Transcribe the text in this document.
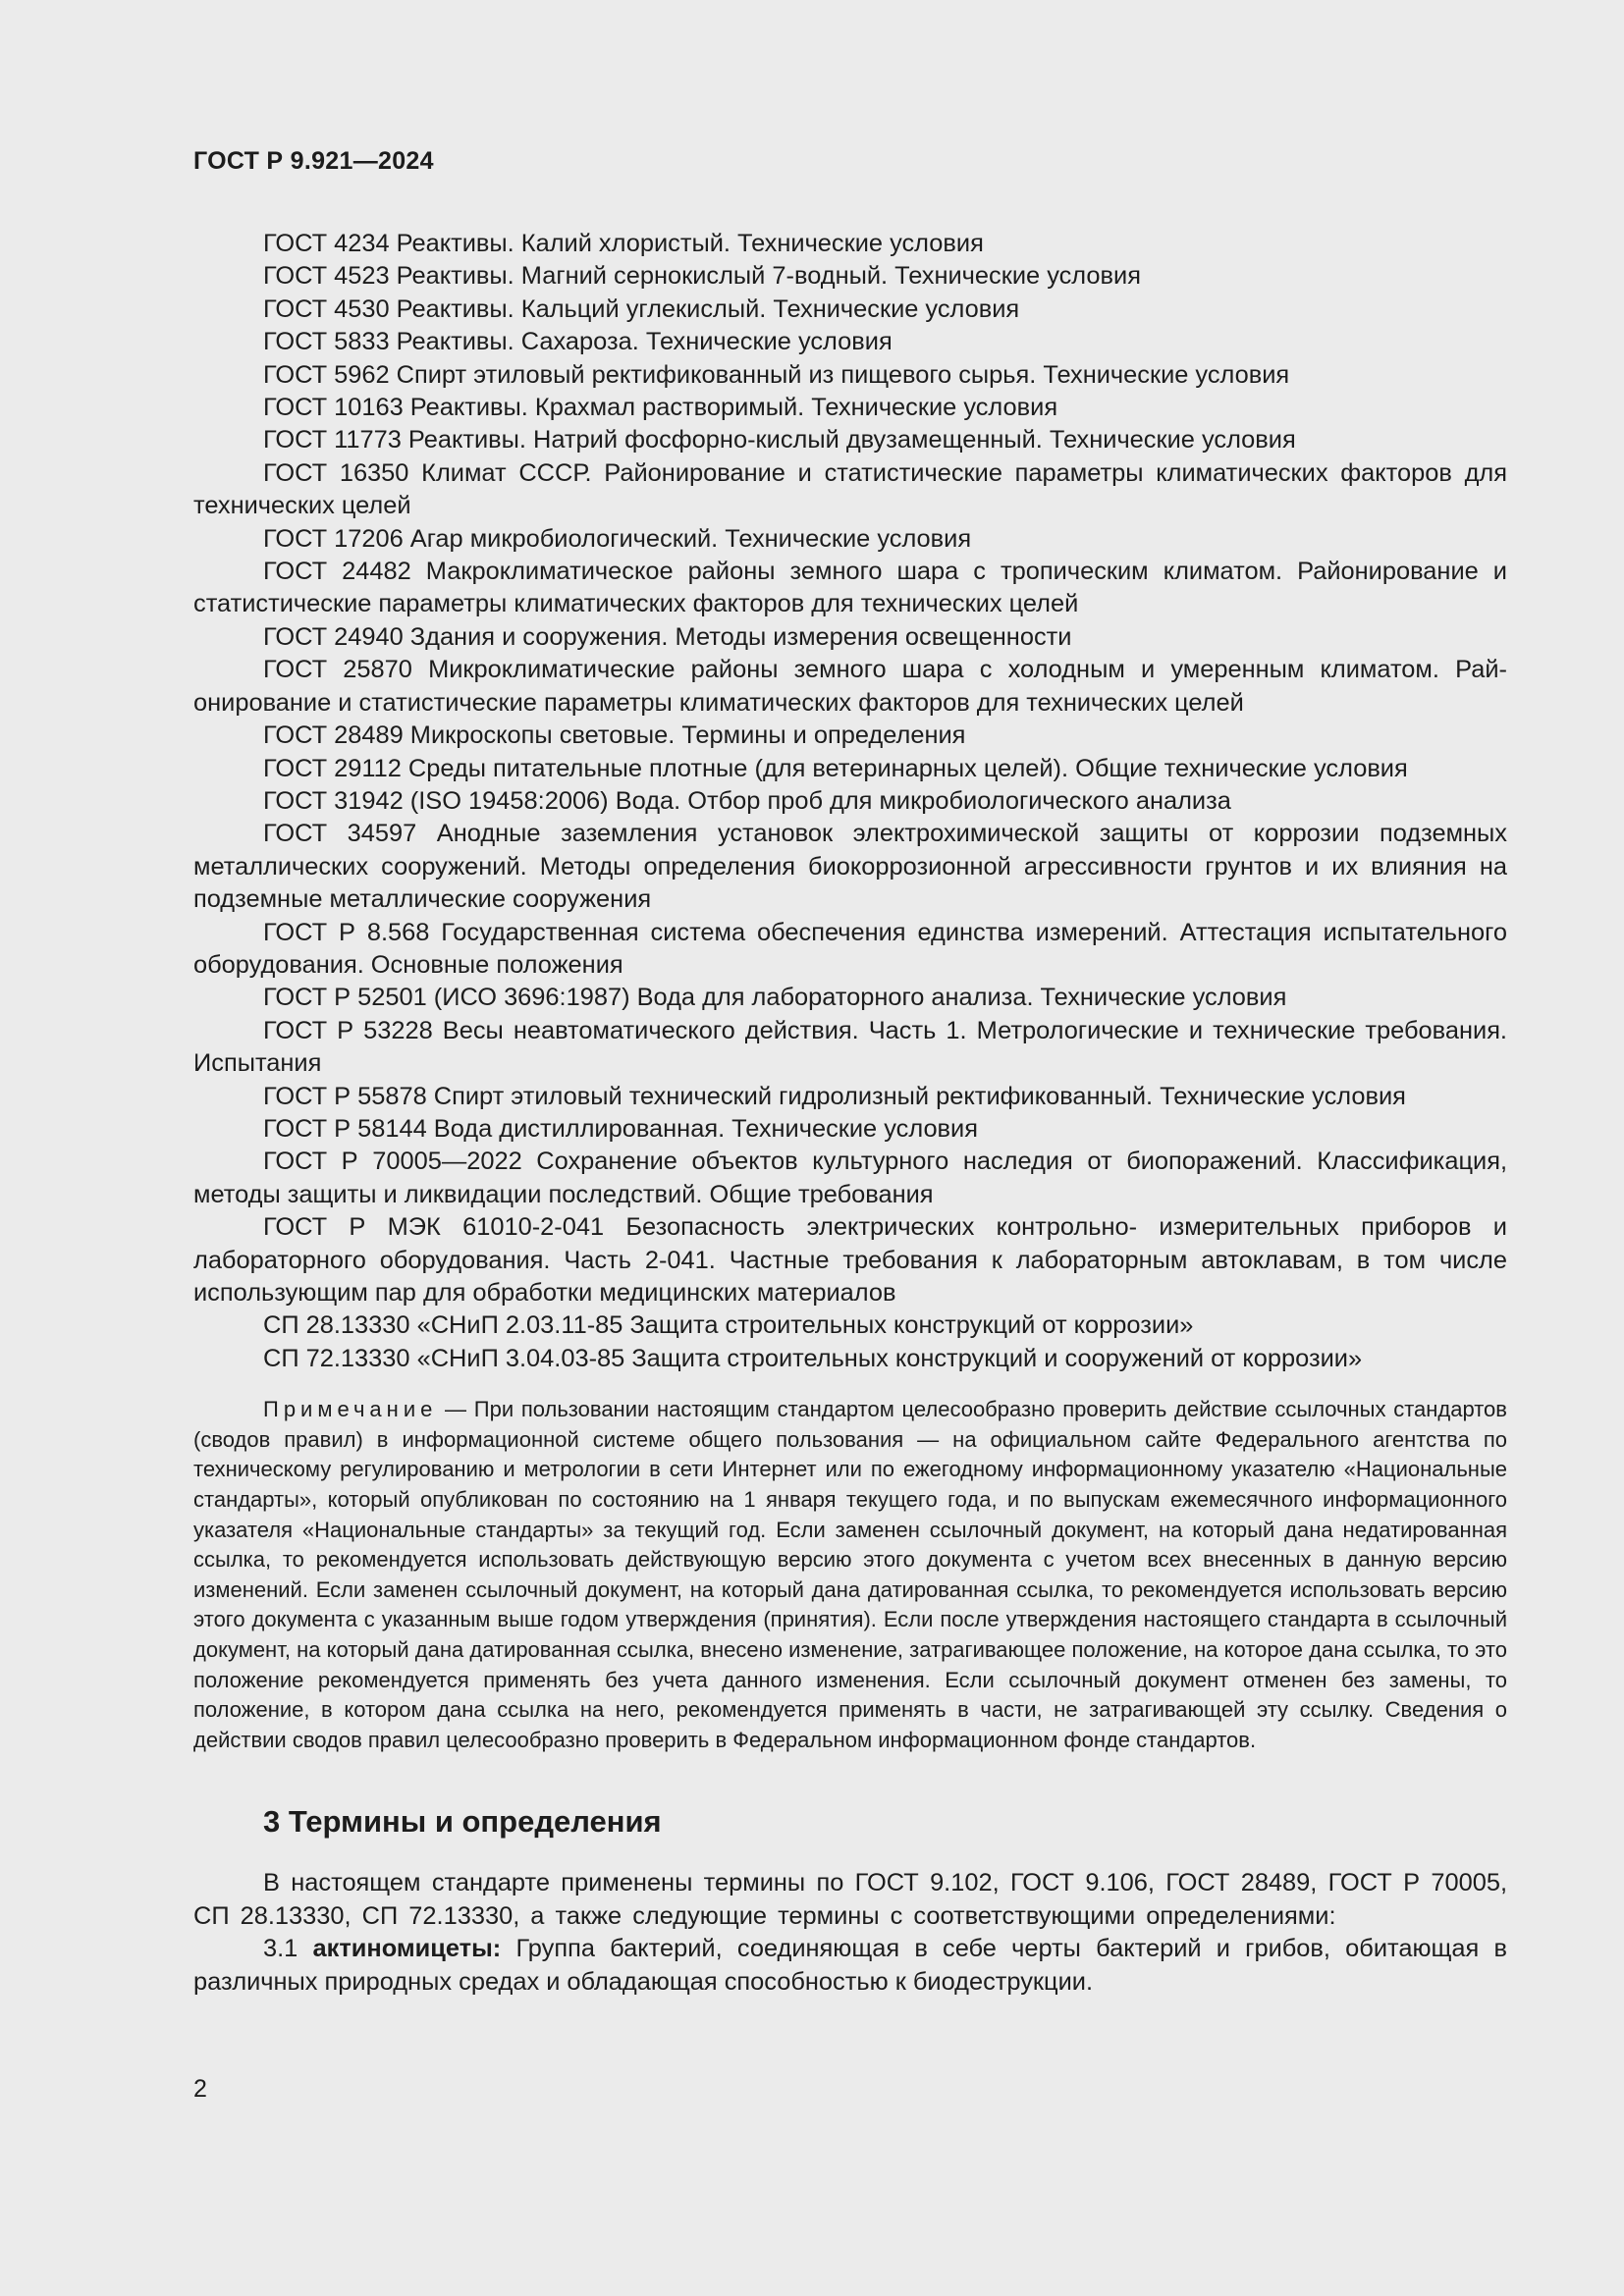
ГОСТ Р 9.921—2024

ГОСТ 4234 Реактивы. Калий хлористый. Технические условия

ГОСТ 4523 Реактивы. Магний сернокислый 7-водный. Технические условия

ГОСТ 4530 Реактивы. Кальций углекислый. Технические условия

ГОСТ 5833 Реактивы. Сахароза. Технические условия

ГОСТ 5962 Спирт этиловый ректификованный из пищевого сырья. Технические условия

ГОСТ 10163 Реактивы. Крахмал растворимый. Технические условия

ГОСТ 11773 Реактивы. Натрий фосфорно-кислый двузамещенный. Технические условия

ГОСТ 16350 Климат СССР. Районирование и статистические параметры климатических факторов для технических целей

ГОСТ 17206 Агар микробиологический. Технические условия

ГОСТ 24482 Макроклиматическое районы земного шара с тропическим климатом. Районирование и статистические параметры климатических факторов для технических целей

ГОСТ 24940 Здания и сооружения. Методы измерения освещенности

ГОСТ 25870 Микроклиматические районы земного шара с холодным и умеренным климатом. Районирование и статистические параметры климатических факторов для технических целей

ГОСТ 28489 Микроскопы световые. Термины и определения

ГОСТ 29112 Среды питательные плотные (для ветеринарных целей). Общие технические условия

ГОСТ 31942 (ISO 19458:2006) Вода. Отбор проб для микробиологического анализа

ГОСТ 34597 Анодные заземления установок электрохимической защиты от коррозии подземных металлических сооружений. Методы определения биокоррозионной агрессивности грунтов и их влияния на подземные металлические сооружения

ГОСТ Р 8.568 Государственная система обеспечения единства измерений. Аттестация испытательного оборудования. Основные положения

ГОСТ Р 52501 (ИСО 3696:1987) Вода для лабораторного анализа. Технические условия

ГОСТ Р 53228 Весы неавтоматического действия. Часть 1. Метрологические и технические требования. Испытания

ГОСТ Р 55878 Спирт этиловый технический гидролизный ректификованный. Технические условия

ГОСТ Р 58144 Вода дистиллированная. Технические условия

ГОСТ Р 70005—2022 Сохранение объектов культурного наследия от биопоражений. Классификация, методы защиты и ликвидации последствий. Общие требования

ГОСТ Р МЭК 61010-2-041 Безопасность электрических контрольно- измерительных приборов и лабораторного оборудования. Часть 2-041. Частные требования к лабораторным автоклавам, в том числе использующим пар для обработки медицинских материалов

СП 28.13330 «СНиП 2.03.11-85 Защита строительных конструкций от коррозии»

СП 72.13330 «СНиП 3.04.03-85 Защита строительных конструкций и сооружений от коррозии»

Примечание — При пользовании настоящим стандартом целесообразно проверить действие ссылочных стандартов (сводов правил) в информационной системе общего пользования — на официальном сайте Федерального агентства по техническому регулированию и метрологии в сети Интернет или по ежегодному информационному указателю «Национальные стандарты», который опубликован по состоянию на 1 января текущего года, и по выпускам ежемесячного информационного указателя «Национальные стандарты» за текущий год. Если заменен ссылочный документ, на который дана недатированная ссылка, то рекомендуется использовать действующую версию этого документа с учетом всех внесенных в данную версию изменений. Если заменен ссылочный документ, на который дана датированная ссылка, то рекомендуется использовать версию этого документа с указанным выше годом утверждения (принятия). Если после утверждения настоящего стандарта в ссылочный документ, на который дана датированная ссылка, внесено изменение, затрагивающее положение, на которое дана ссылка, то это положение рекомендуется применять без учета данного изменения. Если ссылочный документ отменен без замены, то положение, в котором дана ссылка на него, рекомендуется применять в части, не затрагивающей эту ссылку. Сведения о действии сводов правил целесообразно проверить в Федеральном информационном фонде стандартов.

3 Термины и определения

В настоящем стандарте применены термины по ГОСТ 9.102, ГОСТ 9.106, ГОСТ 28489, ГОСТ Р 70005, СП 28.13330, СП 72.13330, а также следующие термины с соответствующими определениями:

3.1 актиномицеты: Группа бактерий, соединяющая в себе черты бактерий и грибов, обитающая в различных природных средах и обладающая способностью к биодеструкции.

2
